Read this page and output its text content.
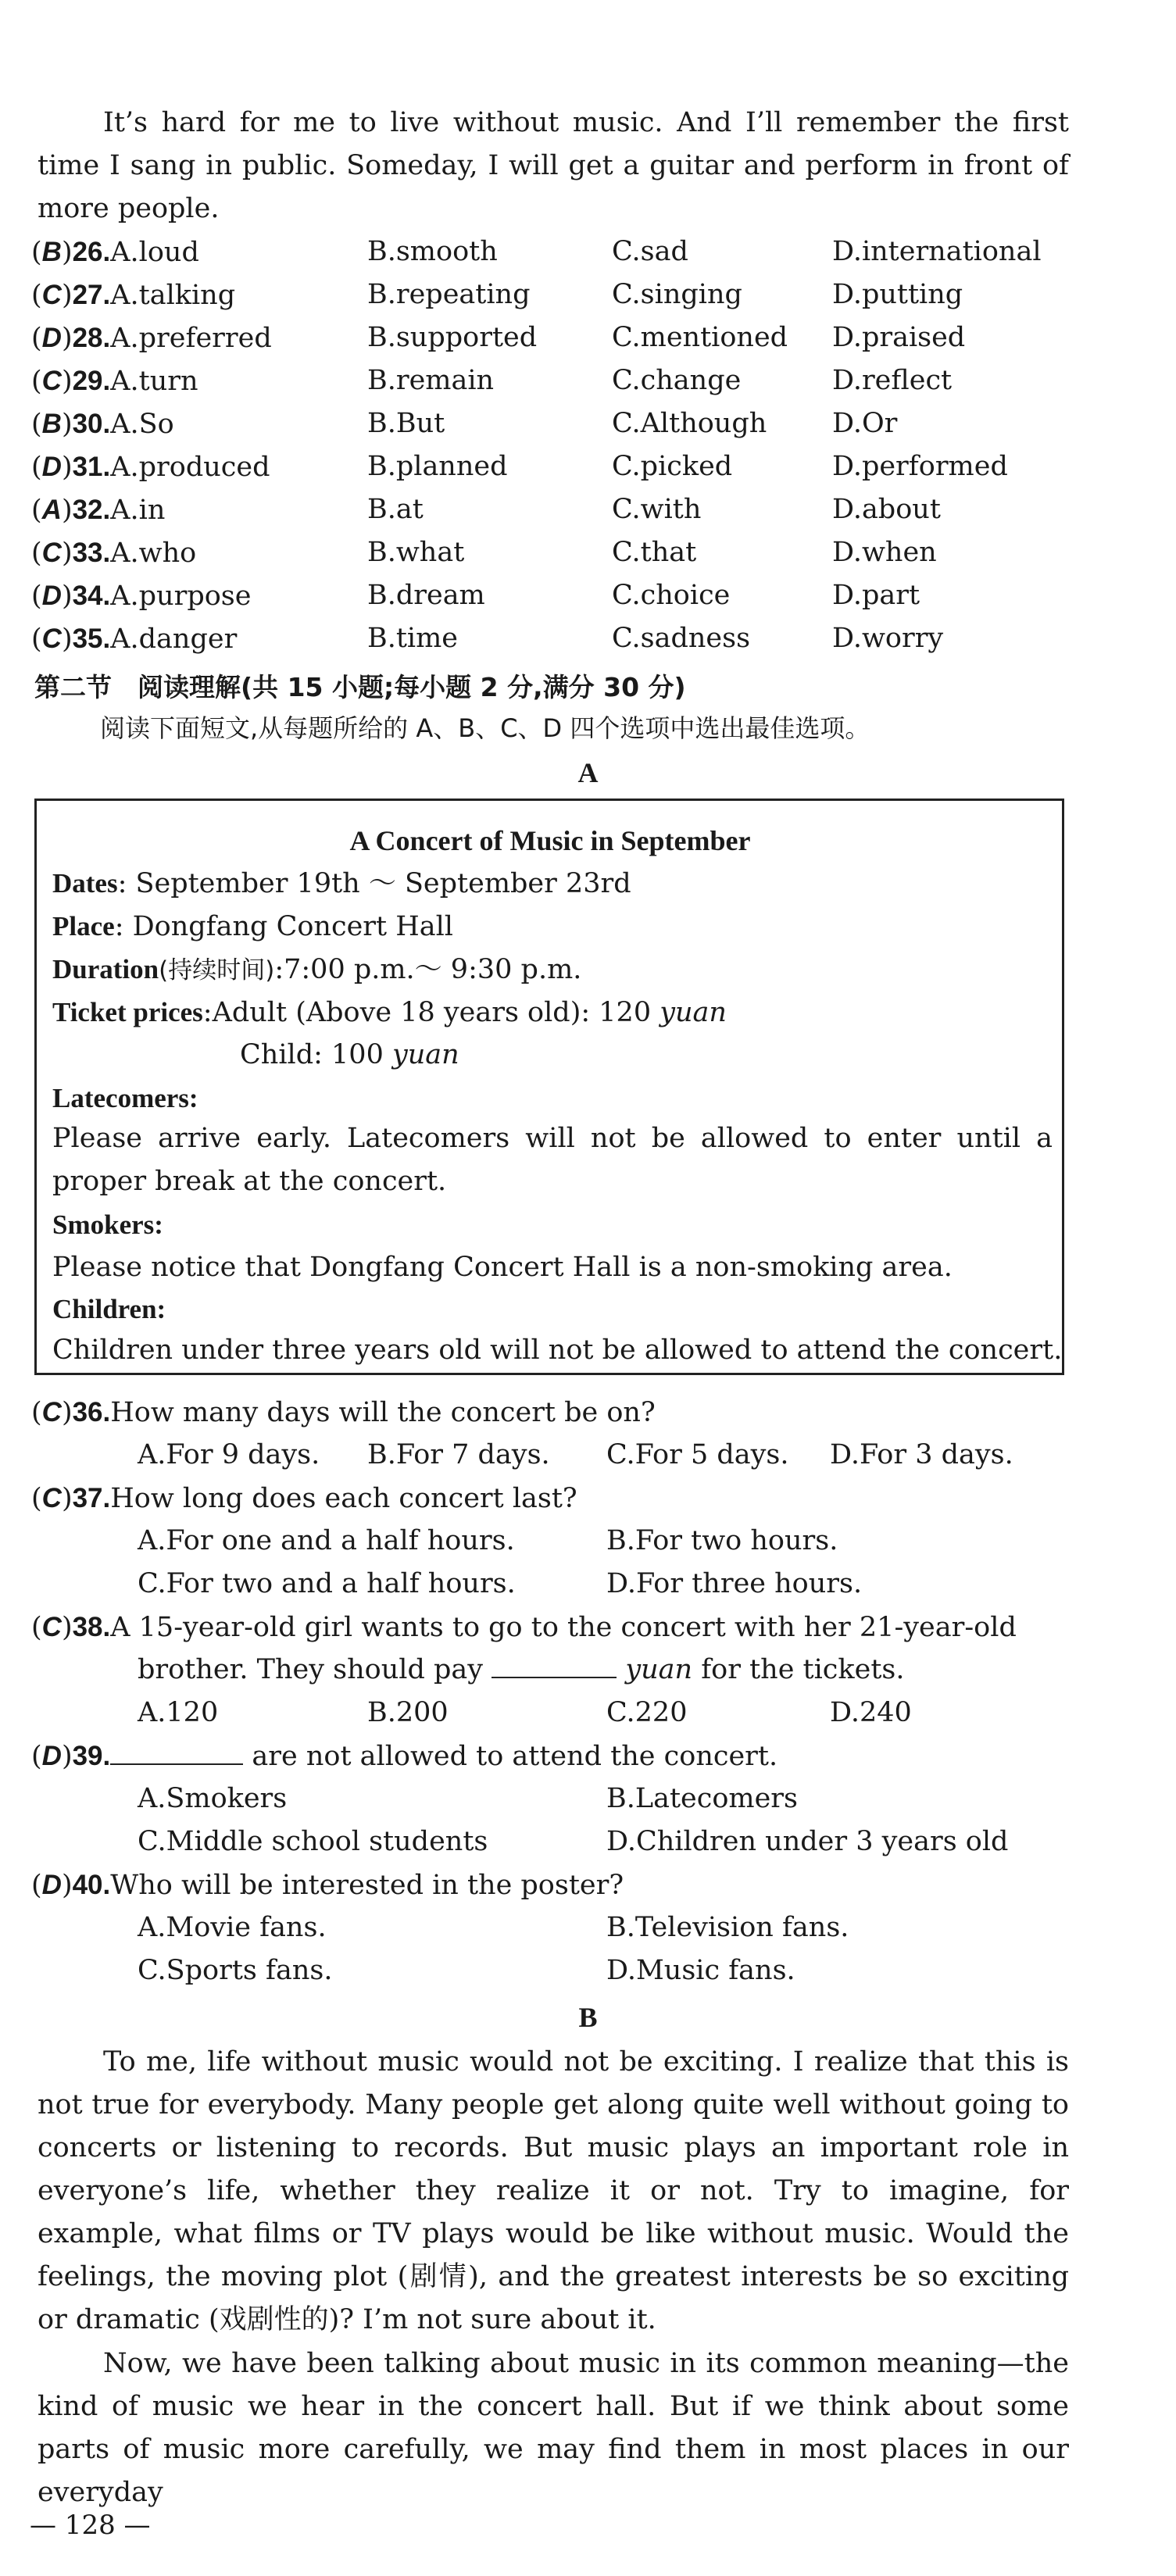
It’s hard for me to live without music. And I’ll remember the first time I sang in public. Someday, I will get a guitar and perform in front of more people.

(B)26.A.loud	B.smooth	C.sad	D.international
(C)27.A.talking	B.repeating	C.singing	D.putting
(D)28.A.preferred	B.supported	C.mentioned D.praised
(C)29.A.turn	B.remain	C.change	D.reflect
(B)30.A.So	B.But	C.Although D.Or
(D)31.A.produced	B.planned	C.picked	D.performed
(A)32.A.in	B.at	C.with	D.about
(C)33.A.who	B.what	C.that	D.when
(D)34.A.purpose	B.dream	C.choice	D.part
(C)35.A.danger	B.time	C.sadness	D.worry
第二节　阅读理解(共 15 小题;每小题 2 分,满分 30 分)
阅读下面短文,从每题所给的 A、B、C、D 四个选项中选出最佳选项。
A
A Concert of Music in September
Dates: September 19th ～ September 23rd
Place: Dongfang Concert Hall
Duration(持续时间):7:00 p.m.～ 9:30 p.m.
Ticket prices:Adult (Above 18 years old): 120 yuan
Child: 100 yuan
Latecomers:
Please arrive early. Latecomers will not be allowed to enter until a proper break at the concert.
Smokers:
Please notice that Dongfang Concert Hall is a non-smoking area.
Children:
Children under three years old will not be allowed to attend the concert.
(C)36.How many days will the concert be on?
A.For 9 days. B.For 7 days. C.For 5 days. D.For 3 days.
(C)37.How long does each concert last?
A.For one and a half hours.	B.For two hours.
C.For two and a half hours.	D.For three hours.
(C)38.A 15-year-old girl wants to go to the concert with her 21-year-old
brother. They should pay	yuan for the tickets.
A.120	B.200	C.220	D.240
(D)39.	are not allowed to attend the concert.
A.Smokers	B.Latecomers
C.Middle school students	D.Children under 3 years old
(D)40.Who will be interested in the poster?
A.Movie fans.	B.Television fans.
C.Sports fans.	D.Music fans.
B

To me, life without music would not be exciting. I realize that this is not true for everybody. Many people get along quite well without going to concerts or listening to records. But music plays an important role in everyone’s life, whether they realize it or not. Try to imagine, for example, what films or TV plays would be like without music. Would the feelings, the moving plot (剧情), and the greatest interests be so exciting or dramatic (戏剧性的)? I’m not sure about it.

Now, we have been talking about music in its common meaning—the kind of music we hear in the concert hall. But if we think about some parts of music more carefully, we may find them in most places in our everyday

— 128 —
